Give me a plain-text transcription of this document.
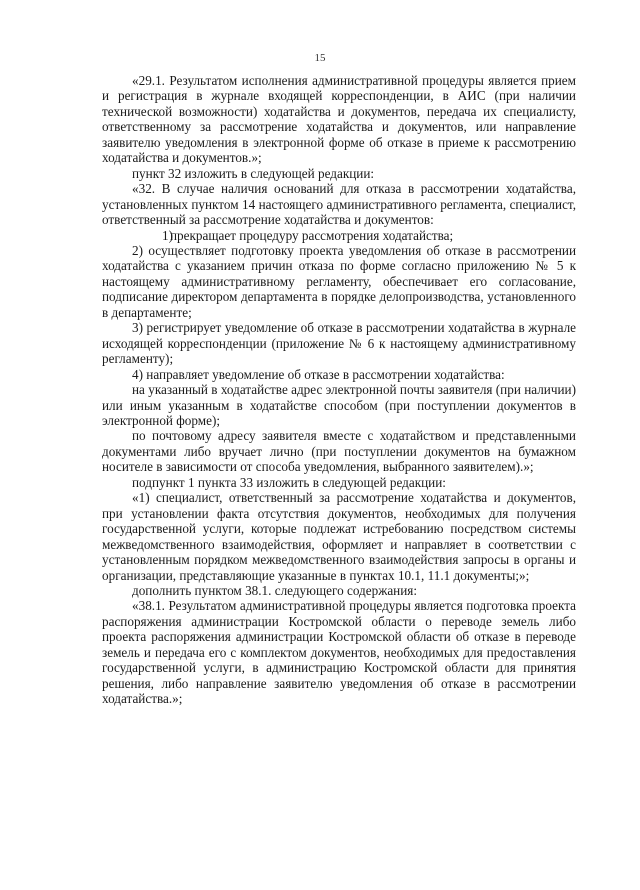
15

«29.1. Результатом исполнения административной процедуры является прием и регистрация в журнале входящей корреспонденции, в АИС (при наличии технической возможности) ходатайства и документов, передача их специалисту, ответственному за рассмотрение ходатайства и документов, или направление заявителю уведомления в электронной форме об отказе в приеме к рассмотрению ходатайства и документов.»;

пункт 32 изложить в следующей редакции:

«32. В случае наличия оснований для отказа в рассмотрении ходатайства, установленных пунктом 14 настоящего административного регламента, специалист, ответственный за рассмотрение ходатайства и документов:

1)прекращает процедуру рассмотрения ходатайства;

2) осуществляет подготовку проекта уведомления об отказе в рассмотрении ходатайства с указанием причин отказа по форме согласно приложению № 5 к настоящему административному регламенту, обеспечивает его согласование, подписание директором департамента в порядке делопроизводства, установленного в департаменте;

3) регистрирует уведомление об отказе в рассмотрении ходатайства в журнале исходящей корреспонденции (приложение № 6 к настоящему административному регламенту);

4) направляет уведомление об отказе в рассмотрении ходатайства:

на указанный в ходатайстве адрес электронной почты заявителя (при наличии) или иным указанным в ходатайстве способом (при поступлении документов в электронной форме);

по почтовому адресу заявителя вместе с ходатайством и представленными документами либо вручает лично (при поступлении документов на бумажном носителе в зависимости от способа уведомления, выбранного заявителем).»;

подпункт 1 пункта 33 изложить в следующей редакции:

«1) специалист, ответственный за рассмотрение ходатайства и документов, при установлении факта отсутствия документов, необходимых для получения государственной услуги, которые подлежат истребованию посредством системы межведомственного взаимодействия, оформляет и направляет в соответствии с установленным порядком межведомственного взаимодействия запросы в органы и организации, представляющие указанные в пунктах 10.1, 11.1 документы;»;

дополнить пунктом 38.1. следующего содержания:

«38.1. Результатом административной процедуры является подготовка проекта распоряжения администрации Костромской области о переводе земель либо проекта распоряжения администрации Костромской области об отказе в переводе земель и передача его с комплектом документов, необходимых для предоставления государственной услуги, в администрацию Костромской области для принятия решения, либо направление заявителю уведомления об отказе в рассмотрении ходатайства.»;
